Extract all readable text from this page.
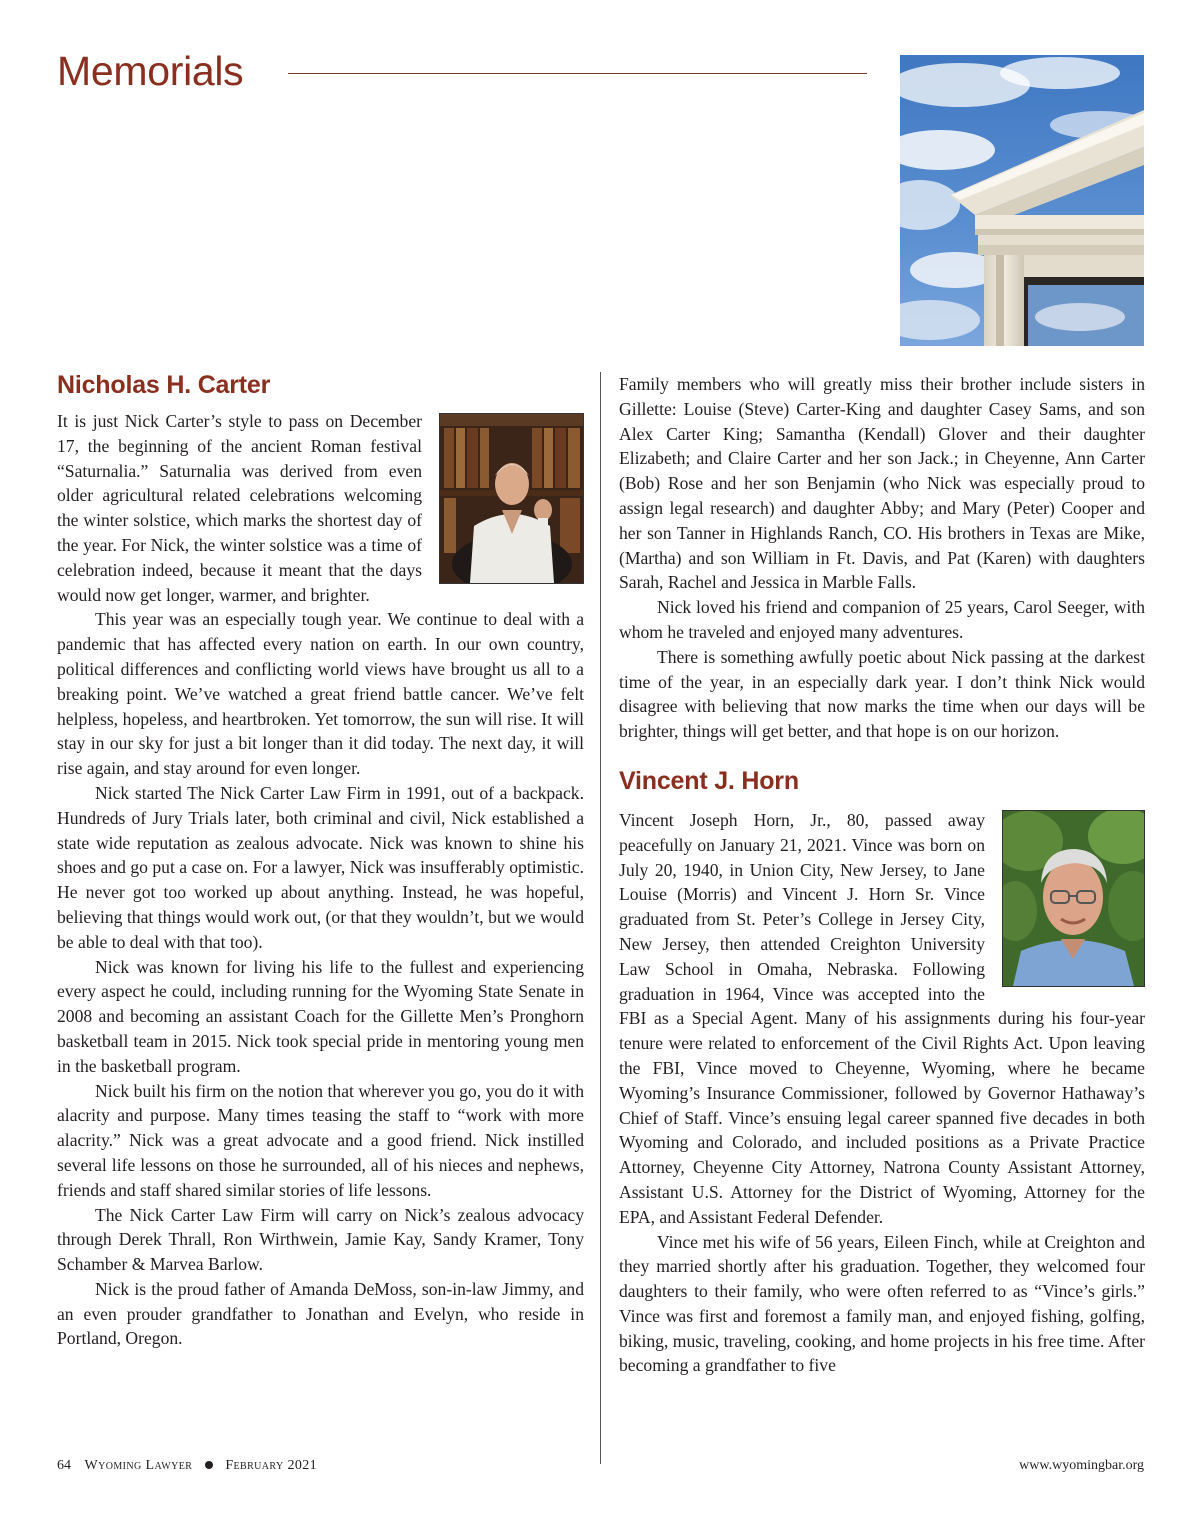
Memorials
Nicholas H. Carter

It is just Nick Carter’s style to pass on December 17, the beginning of the ancient Roman festival “Saturnalia.” Saturnalia was derived from even older agricultural related celebrations welcoming the winter solstice, which marks the shortest day of the year. For Nick, the winter solstice was a time of celebration indeed, because it meant that the days would now get longer, warmer, and brighter.

This year was an especially tough year. We continue to deal with a pandemic that has affected every nation on earth. In our own country, political differences and conflicting world views have brought us all to a breaking point. We’ve watched a great friend battle cancer. We’ve felt helpless, hopeless, and heartbroken. Yet tomorrow, the sun will rise. It will stay in our sky for just a bit longer than it did today. The next day, it will rise again, and stay around for even longer.

Nick started The Nick Carter Law Firm in 1991, out of a backpack. Hundreds of Jury Trials later, both criminal and civil, Nick established a state wide reputation as zealous advocate. Nick was known to shine his shoes and go put a case on. For a lawyer, Nick was insufferably optimistic. He never got too worked up about anything. Instead, he was hopeful, believing that things would work out, (or that they wouldn’t, but we would be able to deal with that too).

Nick was known for living his life to the fullest and experiencing every aspect he could, including running for the Wyoming State Senate in 2008 and becoming an assistant Coach for the Gillette Men’s Pronghorn basketball team in 2015. Nick took special pride in mentoring young men in the basketball program.

Nick built his firm on the notion that wherever you go, you do it with alacrity and purpose. Many times teasing the staff to “work with more alacrity.” Nick was a great advocate and a good friend. Nick instilled several life lessons on those he surrounded, all of his nieces and nephews, friends and staff shared similar stories of life lessons.

The Nick Carter Law Firm will carry on Nick’s zealous advocacy through Derek Thrall, Ron Wirthwein, Jamie Kay, Sandy Kramer, Tony Schamber & Marvea Barlow.

Nick is the proud father of Amanda DeMoss, son-in-law Jimmy, and an even prouder grandfather to Jonathan and Evelyn, who reside in Portland, Oregon.

Family members who will greatly miss their brother include sisters in Gillette: Louise (Steve) Carter-King and daughter Casey Sams, and son Alex Carter King; Samantha (Kendall) Glover and their daughter Elizabeth; and Claire Carter and her son Jack.; in Cheyenne, Ann Carter (Bob) Rose and her son Benjamin (who Nick was especially proud to assign legal research) and daughter Abby; and Mary (Peter) Cooper and her son Tanner in Highlands Ranch, CO. His brothers in Texas are Mike, (Martha) and son William in Ft. Davis, and Pat (Karen) with daughters Sarah, Rachel and Jessica in Marble Falls.

Nick loved his friend and companion of 25 years, Carol Seeger, with whom he traveled and enjoyed many adventures.

There is something awfully poetic about Nick passing at the darkest time of the year, in an especially dark year. I don’t think Nick would disagree with believing that now marks the time when our days will be brighter, things will get better, and that hope is on our horizon.

Vincent J. Horn

Vincent Joseph Horn, Jr., 80, passed away peacefully on January 21, 2021. Vince was born on July 20, 1940, in Union City, New Jersey, to Jane Louise (Morris) and Vincent J. Horn Sr. Vince graduated from St. Peter’s College in Jersey City, New Jersey, then attended Creighton University Law School in Omaha, Nebraska. Following graduation in 1964, Vince was accepted into the FBI as a Special Agent. Many of his assignments during his four-year tenure were related to enforcement of the Civil Rights Act. Upon leaving the FBI, Vince moved to Cheyenne, Wyoming, where he became Wyoming’s Insurance Commissioner, followed by Governor Hathaway’s Chief of Staff. Vince’s ensuing legal career spanned five decades in both Wyoming and Colorado, and included positions as a Private Practice Attorney, Cheyenne City Attorney, Natrona County Assistant Attorney, Assistant U.S. Attorney for the District of Wyoming, Attorney for the EPA, and Assistant Federal Defender.

Vince met his wife of 56 years, Eileen Finch, while at Creighton and they married shortly after his graduation. Together, they welcomed four daughters to their family, who were often referred to as “Vince’s girls.” Vince was first and foremost a family man, and enjoyed fishing, golfing, biking, music, traveling, cooking, and home projects in his free time. After becoming a grandfather to five

64 Wyoming Lawyer February 2021	www.wyomingbar.org
